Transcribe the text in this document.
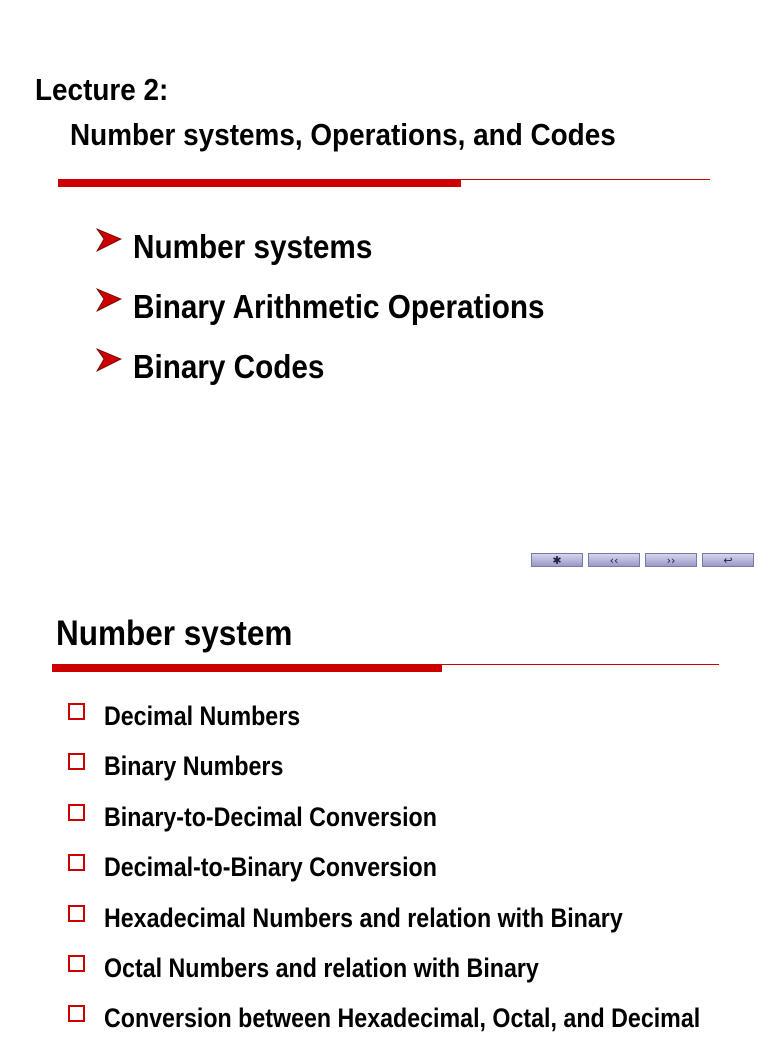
Lecture 2:
Number systems, Operations, and Codes
Number systems
Binary Arithmetic Operations
Binary Codes
✱	‹‹	››	↩
Number system
Decimal Numbers
Binary Numbers
Binary-to-Decimal Conversion
Decimal-to-Binary Conversion
Hexadecimal Numbers and relation with Binary
Octal Numbers and relation with Binary
Conversion between Hexadecimal, Octal, and Decimal
